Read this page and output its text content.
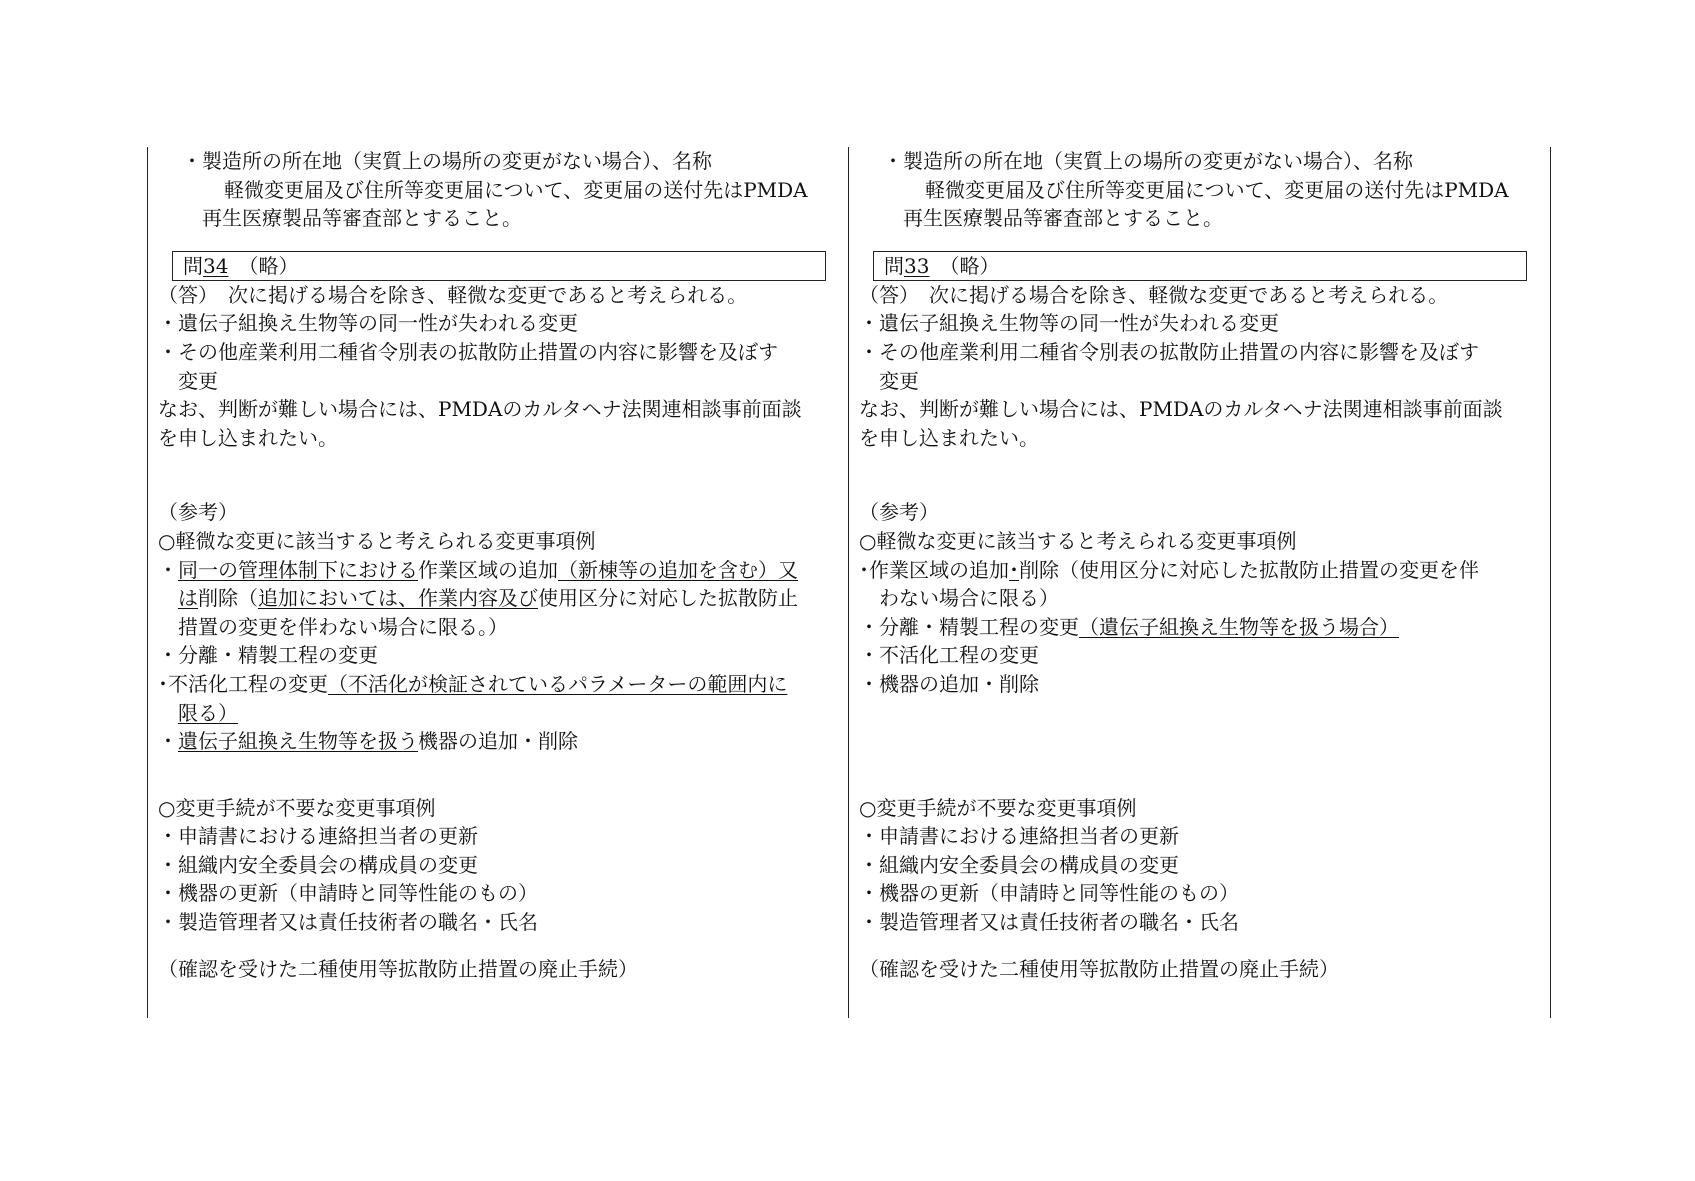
・製造所の所在地（実質上の場所の変更がない場合）、名称
軽微変更届及び住所等変更届について、変更届の送付先はPMDA
再生医療製品等審査部とすること。
問34　（略）
（答）　次に掲げる場合を除き、軽微な変更であると考えられる。
・遺伝子組換え生物等の同一性が失われる変更
・その他産業利用二種省令別表の拡散防止措置の内容に影響を及ぼす
変更
なお、判断が難しい場合には、PMDAのカルタヘナ法関連相談事前面談
を申し込まれたい。
（参考）
○軽微な変更に該当すると考えられる変更事項例
・同一の管理体制下における作業区域の追加（新棟等の追加を含む）又
は削除（追加においては、作業内容及び使用区分に対応した拡散防止
措置の変更を伴わない場合に限る。）
・分離・精製工程の変更
･不活化工程の変更（不活化が検証されているパラメーターの範囲内に
限る）
・遺伝子組換え生物等を扱う機器の追加・削除
○変更手続が不要な変更事項例
・申請書における連絡担当者の更新
・組織内安全委員会の構成員の変更
・機器の更新（申請時と同等性能のもの）
・製造管理者又は責任技術者の職名・氏名
（確認を受けた二種使用等拡散防止措置の廃止手続）
・製造所の所在地（実質上の場所の変更がない場合）、名称
軽微変更届及び住所等変更届について、変更届の送付先はPMDA
再生医療製品等審査部とすること。
問33　（略）
（答）　次に掲げる場合を除き、軽微な変更であると考えられる。
・遺伝子組換え生物等の同一性が失われる変更
・その他産業利用二種省令別表の拡散防止措置の内容に影響を及ぼす
変更
なお、判断が難しい場合には、PMDAのカルタヘナ法関連相談事前面談
を申し込まれたい。
（参考）
○軽微な変更に該当すると考えられる変更事項例
･作業区域の追加･削除（使用区分に対応した拡散防止措置の変更を伴
わない場合に限る）
・分離・精製工程の変更（遺伝子組換え生物等を扱う場合）
・不活化工程の変更
・機器の追加・削除
○変更手続が不要な変更事項例
・申請書における連絡担当者の更新
・組織内安全委員会の構成員の変更
・機器の更新（申請時と同等性能のもの）
・製造管理者又は責任技術者の職名・氏名
（確認を受けた二種使用等拡散防止措置の廃止手続）
